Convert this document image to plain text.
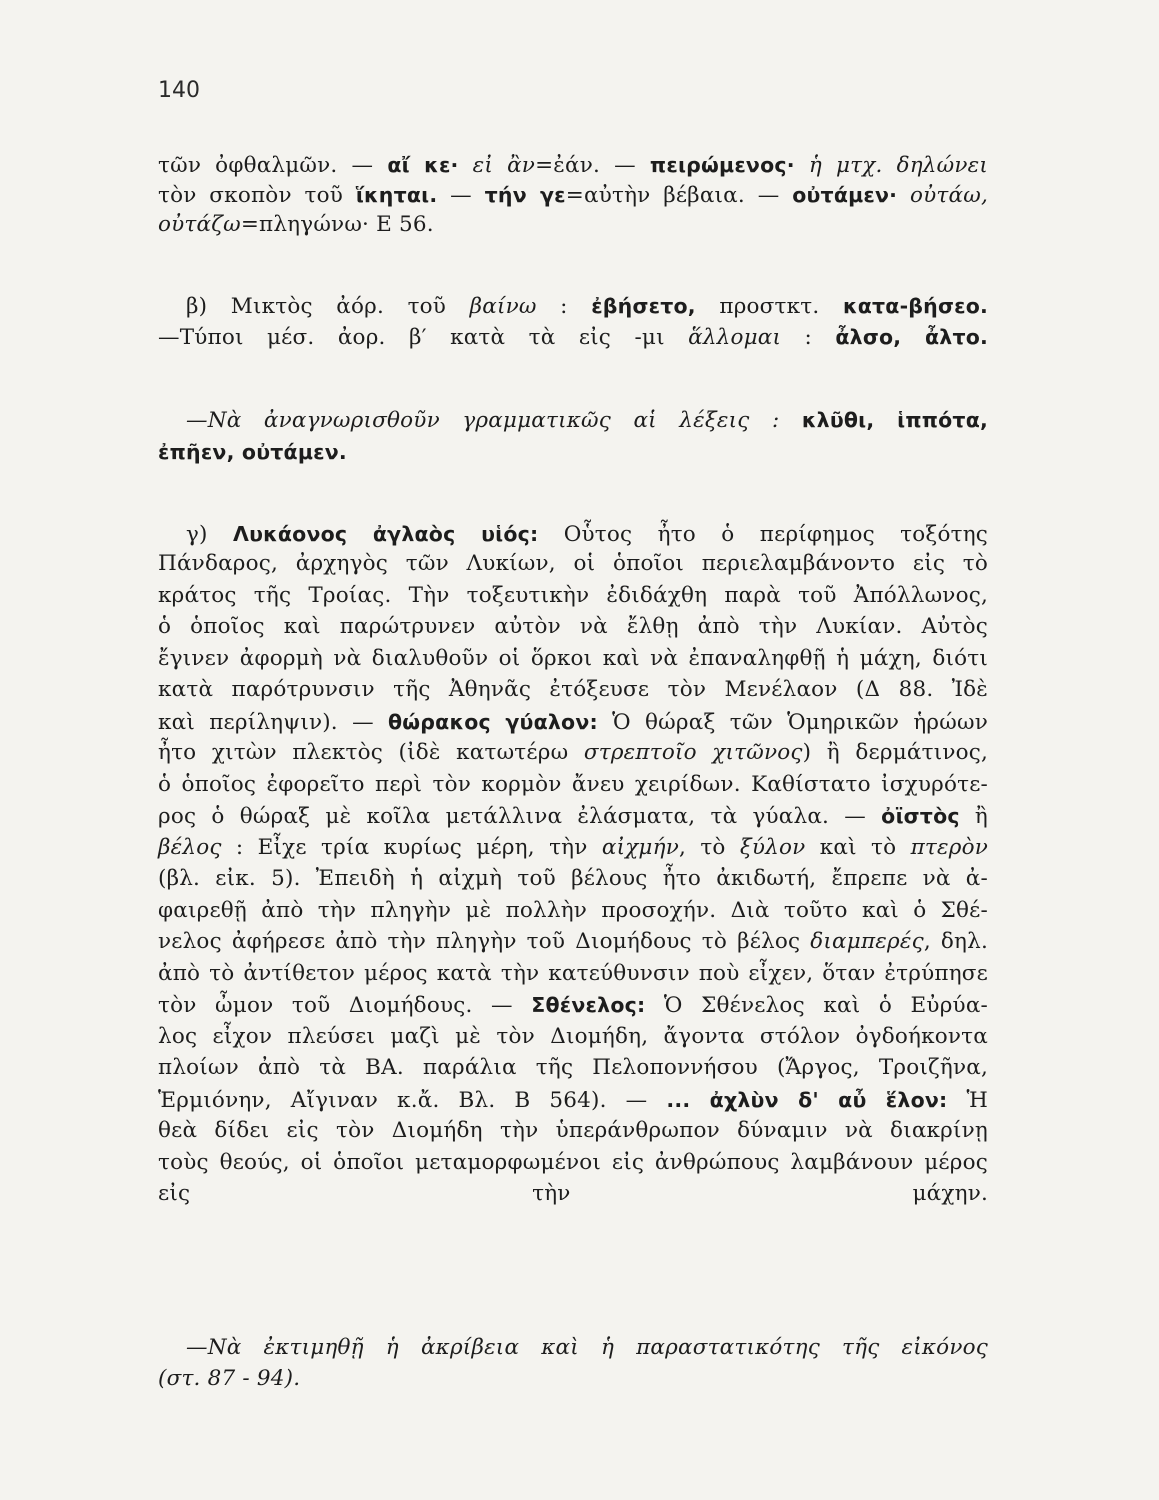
140
τῶν ὀφθαλμῶν. — αἴ κε· εἰ ἂν=ἐάν. — πειρώμενος· ἡ μτχ. δηλώνει
τὸν σκοπὸν τοῦ ἵκηται. — τήν γε=αὐτὴν βέβαια. — οὐτάμεν· οὐτάω,
οὐτάζω=πληγώνω· Ε 56.
β) Μικτὸς ἀόρ. τοῦ βαίνω : ἐβήσετο, προστκτ. κατα-βήσεο.
—Τύποι μέσ. ἀορ. β′ κατὰ τὰ εἰς -μι ἅλλομαι : ἆλσο, ἆλτο.
—Νὰ ἀναγνωρισθοῦν γραμματικῶς αἱ λέξεις : κλῦθι, ἱππότα,
ἐπῆεν, οὐτάμεν.
γ) Λυκάονος ἀγλαὸς υἱός: Οὗτος ἦτο ὁ περίφημος τοξότης
Πάνδαρος, ἀρχηγὸς τῶν Λυκίων, οἱ ὁποῖοι περιελαμβάνοντο εἰς τὸ
κράτος τῆς Τροίας. Τὴν τοξευτικὴν ἐδιδάχθη παρὰ τοῦ Ἀπόλλωνος,
ὁ ὁποῖος καὶ παρώτρυνεν αὐτὸν νὰ ἔλθῃ ἀπὸ τὴν Λυκίαν. Αὐτὸς
ἔγινεν ἀφορμὴ νὰ διαλυθοῦν οἱ ὅρκοι καὶ νὰ ἐπαναληφθῇ ἡ μάχη, διότι
κατὰ παρότρυνσιν τῆς Ἀθηνᾶς ἐτόξευσε τὸν Μενέλαον (Δ 88. Ἰδὲ
καὶ περίληψιν). — θώρακος γύαλον: Ὁ θώραξ τῶν Ὁμηρικῶν ἡρώων
ἦτο χιτὼν πλεκτὸς (ἰδὲ κατωτέρω στρεπτοῖο χιτῶνος) ἢ δερμάτινος,
ὁ ὁποῖος ἐφορεῖτο περὶ τὸν κορμὸν ἄνευ χειρίδων. Καθίστατο ἰσχυρότε-
ρος ὁ θώραξ μὲ κοῖλα μετάλλινα ἐλάσματα, τὰ γύαλα. — ὀϊστὸς ἢ
βέλος : Εἶχε τρία κυρίως μέρη, τὴν αἰχμήν, τὸ ξύλον καὶ τὸ πτερὸν
(βλ. εἰκ. 5). Ἐπειδὴ ἡ αἰχμὴ τοῦ βέλους ἦτο ἀκιδωτή, ἔπρεπε νὰ ἀ-
φαιρεθῇ ἀπὸ τὴν πληγὴν μὲ πολλὴν προσοχήν. Διὰ τοῦτο καὶ ὁ Σθέ-
νελος ἀφήρεσε ἀπὸ τὴν πληγὴν τοῦ Διομήδους τὸ βέλος διαμπερές, δηλ.
ἀπὸ τὸ ἀντίθετον μέρος κατὰ τὴν κατεύθυνσιν ποὺ εἶχεν, ὅταν ἐτρύπησε
τὸν ὦμον τοῦ Διομήδους. — Σθένελος: Ὁ Σθένελος καὶ ὁ Εὐρύα-
λος εἶχον πλεύσει μαζὶ μὲ τὸν Διομήδη, ἄγοντα στόλον ὀγδοήκοντα
πλοίων ἀπὸ τὰ ΒΑ. παράλια τῆς Πελοποννήσου (Ἄργος, Τροιζῆνα,
Ἑρμιόνην, Αἴγιναν κ.ἄ. Βλ. Β 564). — ... ἀχλὺν δ' αὖ ἕλον: Ἡ
θεὰ δίδει εἰς τὸν Διομήδη τὴν ὑπεράνθρωπον δύναμιν νὰ διακρίνῃ
τοὺς θεούς, οἱ ὁποῖοι μεταμορφωμένοι εἰς ἀνθρώπους λαμβάνουν μέρος
εἰς τὴν μάχην.
—Νὰ ἐκτιμηθῇ ἡ ἀκρίβεια καὶ ἡ παραστατικότης τῆς εἰκόνος
(στ. 87 - 94).
